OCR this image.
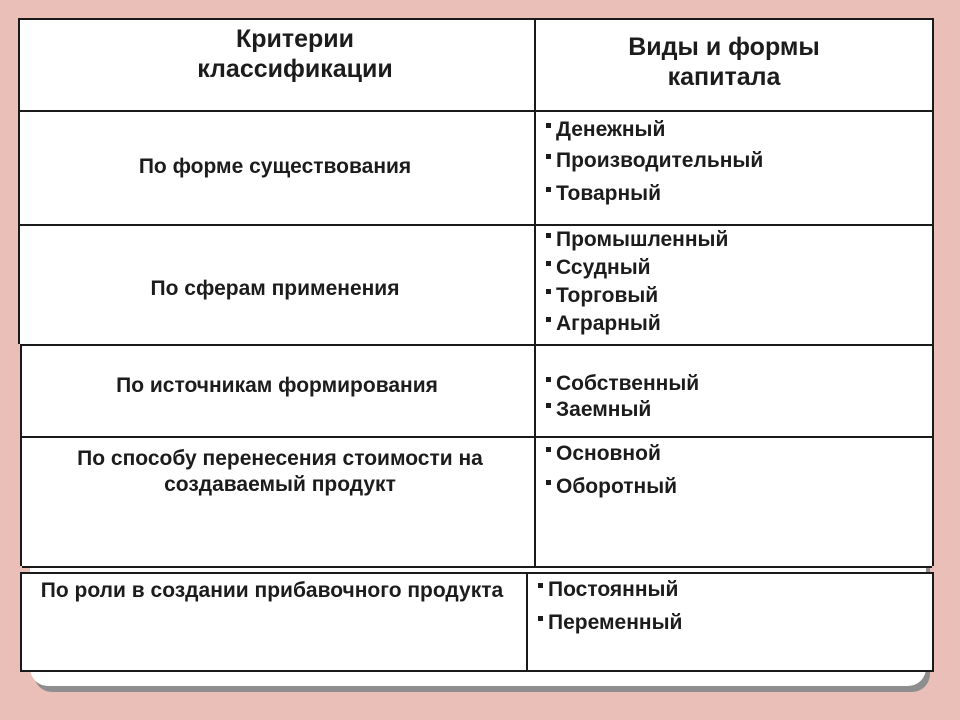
Критерии классификации
Виды и формы капитала
По форме существования
Денежный
Производительный
Товарный
По сферам применения
Промышленный
Ссудный
Торговый
Аграрный
По источникам формирования	Собственный
Заемный
По способу перенесения стоимости на создаваемый продукт
Основной
Оборотный
По роли в создании прибавочного продукта	Постоянный
Переменный
